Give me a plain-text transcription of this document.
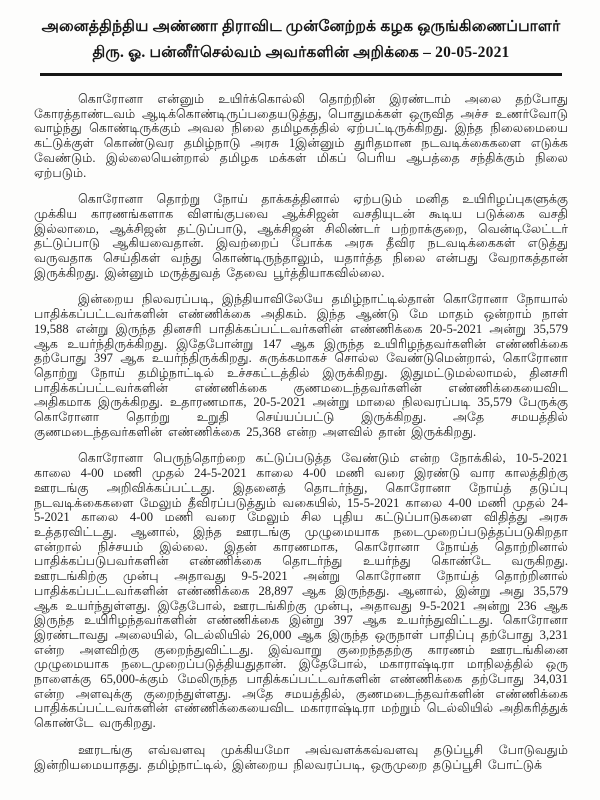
அனைத்திந்திய அண்ணா திராவிட முன்னேற்றக் கழக ஒருங்கிணைப்பாளர்
திரு. ஓ. பன்னீர்செல்வம் அவர்களின் அறிக்கை – 20-05-2021

கொரோனா என்னும் உயிர்க்கொல்லி தொற்றின் இரண்டாம் அலை தற்போது கோரத்தாண்டவம் ஆடிக்கொண்டிருப்பதையடுத்து, பொதுமக்கள் ஒருவித அச்ச உணர்வோடு வாழ்ந்து கொண்டிருக்கும் அவல நிலை தமிழகத்தில் ஏற்பட்டிருக்கிறது. இந்த நிலைமையை கட்டுக்குள் கொண்டுவர தமிழ்நாடு அரசு 1இன்னும் துரிதமான நடவடிக்கைகளை எடுக்க வேண்டும். இல்லையென்றால் தமிழக மக்கள் மிகப் பெரிய ஆபத்தை சந்திக்கும் நிலை ஏற்படும்.

கொரோனா தொற்று நோய் தாக்கத்தினால் ஏற்படும் மனித உயிரிழப்புகளுக்கு முக்கிய காரணங்களாக விளங்குபவை ஆக்சிஜன் வசதியுடன் கூடிய படுக்கை வசதி இல்லாமை, ஆக்சிஜன் தட்டுப்பாடு, ஆக்சிஜன் சிலிண்டர் பற்றாக்குறை, வென்டிலேட்டர் தட்டுப்பாடு ஆகியவைதான். இவற்றைப் போக்க அரசு தீவிர நடவடிக்கைகள் எடுத்து வருவதாக செய்திகள் வந்து கொண்டிருந்தாலும், யதார்த்த நிலை என்பது வேறாகத்தான் இருக்கிறது. இன்னும் மருத்துவத் தேவை பூர்த்தியாகவில்லை.

இன்றைய நிலவரப்படி, இந்தியாவிலேயே தமிழ்நாட்டில்தான் கொரோனா நோயால் பாதிக்கப்பட்டவர்களின் எண்ணிக்கை அதிகம். இந்த ஆண்டு மே மாதம் ஒன்றாம் நாள் 19,588 என்று இருந்த தினசரி பாதிக்கப்பட்டவர்களின் எண்ணிக்கை 20-5-2021 அன்று 35,579 ஆக உயர்ந்திருக்கிறது. இதேபோன்று 147 ஆக இருந்த உயிரிழந்தவர்களின் எண்ணிக்கை தற்போது 397 ஆக உயர்ந்திருக்கிறது. சுருக்கமாகச் சொல்ல வேண்டுமென்றால், கொரோனா தொற்று நோய் தமிழ்நாட்டில் உச்சகட்டத்தில் இருக்கிறது. இதுமட்டுமல்லாமல், தினசரி பாதிக்கப்பட்டவர்களின் எண்ணிக்கை குணமடைந்தவர்களின் எண்ணிக்கையைவிட அதிகமாக இருக்கிறது. உதாரணமாக, 20-5-2021 அன்று மாலை நிலவரப்படி 35,579 பேருக்கு கொரோனா தொற்று உறுதி செய்யப்பட்டு இருக்கிறது. அதே சமயத்தில் குணமடைந்தவர்களின் எண்ணிக்கை 25,368 என்ற அளவில் தான் இருக்கிறது.

கொரோனா பெருந்தொற்றை கட்டுப்படுத்த வேண்டும் என்ற நோக்கில், 10-5-2021 காலை 4-00 மணி முதல் 24-5-2021 காலை 4-00 மணி வரை இரண்டு வார காலத்திற்கு ஊரடங்கு அறிவிக்கப்பட்டது. இதனைத் தொடர்ந்து, கொரோனா நோய்த் தடுப்பு நடவடிக்கைகளை மேலும் தீவிரப்படுத்தும் வகையில், 15-5-2021 காலை 4-00 மணி முதல் 24-5-2021 காலை 4-00 மணி வரை மேலும் சில புதிய கட்டுப்பாடுகளை விதித்து அரசு உத்தரவிட்டது. ஆனால், இந்த ஊரடங்கு முழுமையாக நடைமுறைப்படுத்தப்படுகிறதா என்றால் நிச்சயம் இல்லை. இதன் காரணமாக, கொரோனா நோய்த் தொற்றினால் பாதிக்கப்படுபவர்களின் எண்ணிக்கை தொடர்ந்து உயர்ந்து கொண்டே வருகிறது. ஊரடங்கிற்கு முன்பு அதாவது 9-5-2021 அன்று கொரோனா நோய்த் தொற்றினால் பாதிக்கப்பட்டவர்களின் எண்ணிக்கை 28,897 ஆக இருந்தது. ஆனால், இன்று அது 35,579 ஆக உயர்ந்துள்ளது. இதேபோல், ஊரடங்கிற்கு முன்பு, அதாவது 9-5-2021 அன்று 236 ஆக இருந்த உயிரிழந்தவர்களின் எண்ணிக்கை இன்று 397 ஆக உயர்ந்துவிட்டது. கொரோனா இரண்டாவது அலையில், டெல்லியில் 26,000 ஆக இருந்த ஒருநாள் பாதிப்பு தற்போது 3,231 என்ற அளவிற்கு குறைந்துவிட்டது. இவ்வாறு குறைந்ததற்கு காரணம் ஊரடங்கினை முழுமையாக நடைமுறைப்படுத்தியதுதான். இதேபோல், மகாராஷ்டிரா மாநிலத்தில் ஒரு நாளைக்கு 65,000-க்கும் மேலிருந்த பாதிக்கப்பட்டவர்களின் எண்ணிக்கை தற்போது 34,031 என்ற அளவுக்கு குறைந்துள்ளது. அதே சமயத்தில், குணமடைந்தவர்களின் எண்ணிக்கை பாதிக்கப்பட்டவர்களின் எண்ணிக்கையைவிட மகாராஷ்டிரா மற்றும் டெல்லியில் அதிகரித்துக் கொண்டே வருகிறது.

ஊரடங்கு எவ்வளவு முக்கியமோ அவ்வளக்கவ்வளவு தடுப்பூசி போடுவதும் இன்றியமையாதது. தமிழ்நாட்டில், இன்றைய நிலவரப்படி, ஒருமுறை தடுப்பூசி போட்டுக்
